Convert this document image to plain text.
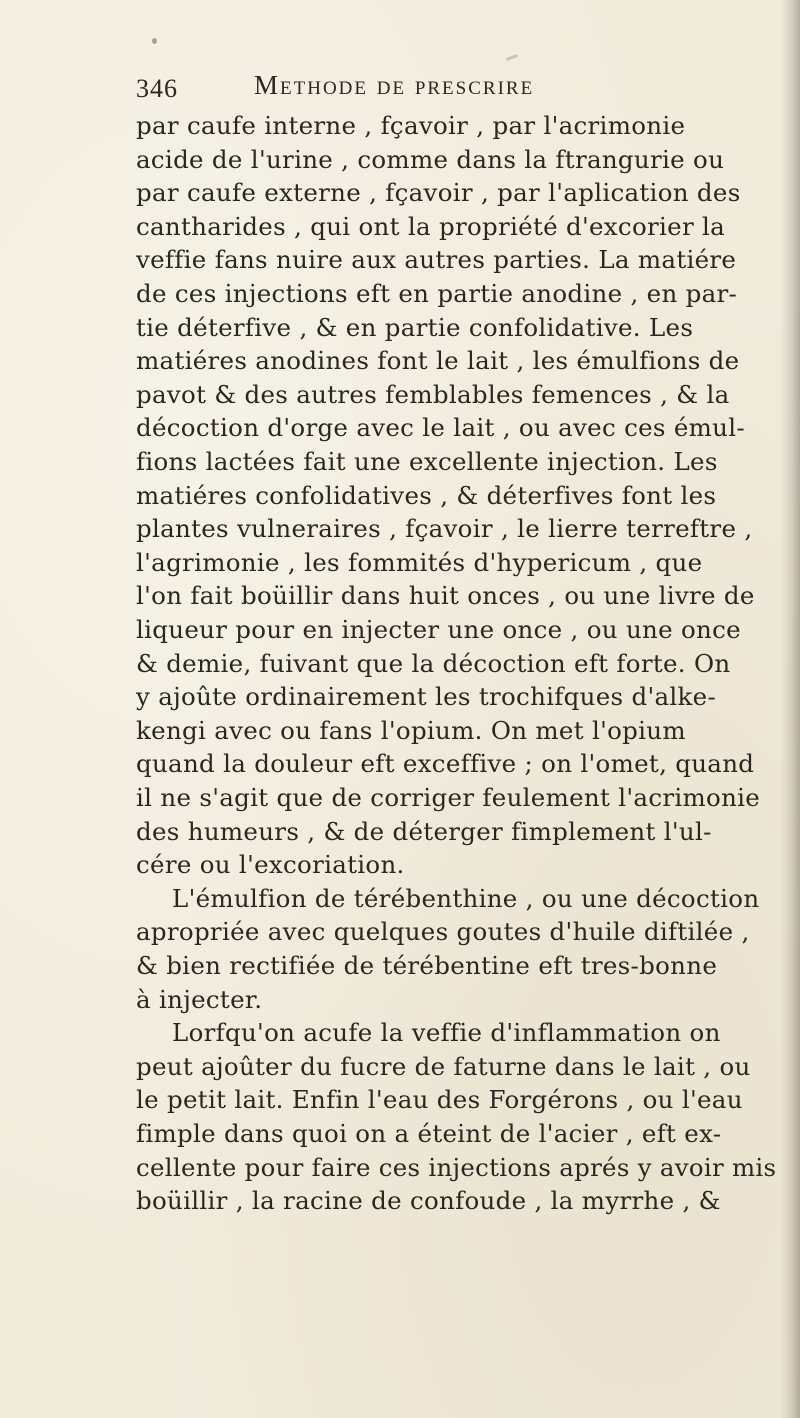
346	Methode de prescrire
par caufe interne , fçavoir , par l'acrimonie
acide de l'urine , comme dans la ftrangurie ou
par caufe externe , fçavoir , par l'aplication des
cantharides , qui ont la propriété d'excorier la
veffie fans nuire aux autres parties. La matiére
de ces injections eft en partie anodine , en par-
tie déterfive , & en partie confolidative. Les
matiéres anodines font le lait , les émulfions de
pavot & des autres femblables femences , & la
décoction d'orge avec le lait , ou avec ces émul-
fions lactées fait une excellente injection. Les
matiéres confolidatives , & déterfives font les
plantes vulneraires , fçavoir , le lierre terreftre ,
l'agrimonie , les fommités d'hypericum , que
l'on fait boüillir dans huit onces , ou une livre de
liqueur pour en injecter une once , ou une once
& demie, fuivant que la décoction eft forte. On
y ajoûte ordinairement les trochifques d'alke-
kengi avec ou fans l'opium. On met l'opium
quand la douleur eft exceffive ; on l'omet, quand
il ne s'agit que de corriger feulement l'acrimonie
des humeurs , & de déterger fimplement l'ul-
cére ou l'excoriation.
L'émulfion de térébenthine , ou une décoction
apropriée avec quelques goutes d'huile diftilée ,
& bien rectifiée de térébentine eft tres-bonne
à injecter.
Lorfqu'on acufe la veffie d'inflammation on
peut ajoûter du fucre de faturne dans le lait , ou
le petit lait. Enfin l'eau des Forgérons , ou l'eau
fimple dans quoi on a éteint de l'acier , eft ex-
cellente pour faire ces injections aprés y avoir mis
boüillir , la racine de confoude , la myrrhe , &
